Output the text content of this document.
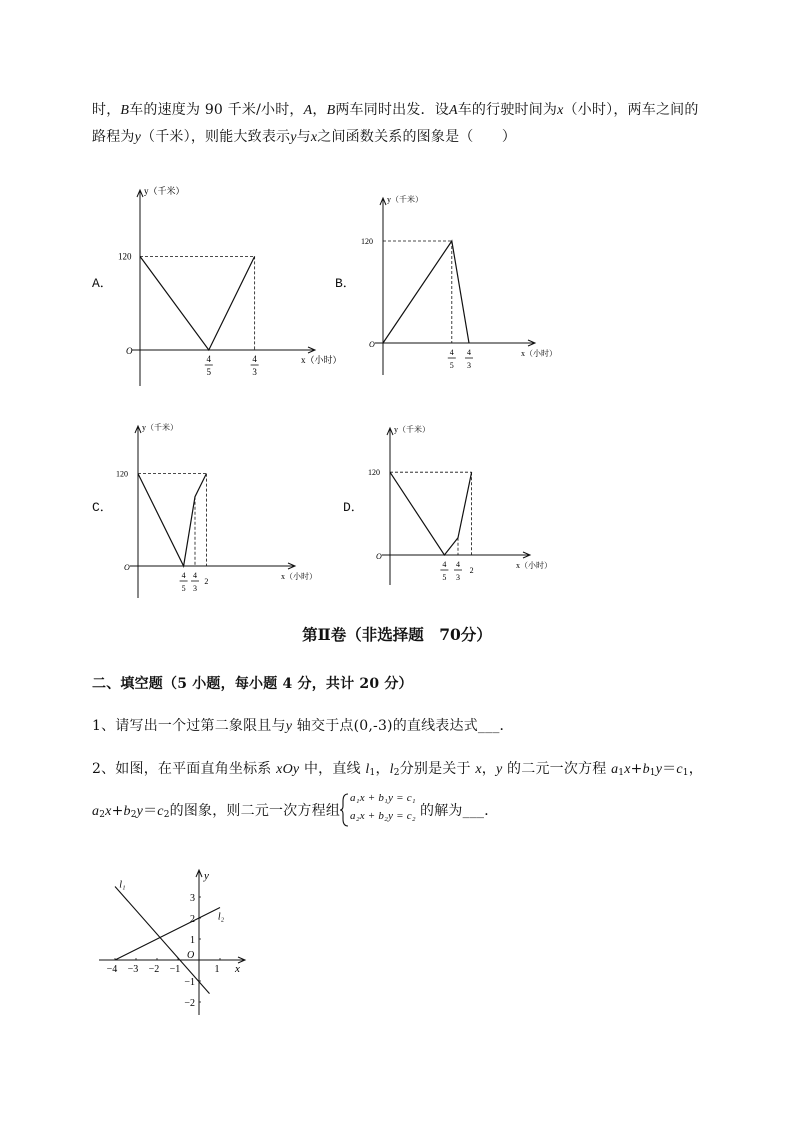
时，B车的速度为 90 千米/小时，A，B两车同时出发．设A车的行驶时间为x（小时），两车之间的
路程为y（千米），则能大致表示y与x之间函数关系的图象是（　　）
A．	B．
C．	D．
y（千米）
x（小时）
O
120
4
5
4
3
y（千米）
x（小时）
O
120
4
5
4
3
y（千米）
x（小时）
O
120
4
5
4
3
2
y（千米）
x（小时）
O
120
4
5
4
3
2
第Ⅱ卷（非选择题　70分）
二、填空题（5 小题，每小题 4 分，共计 20 分）
1、请写出一个过第二象限且与y 轴交于点(0,-3)的直线表达式___．
2、如图，在平面直角坐标系 xOy 中，直线 $l_1$，$l_2$分别是关于 x，y 的二元一次方程 $a_1x+b_1y=c_1$，
$a_2x+b_2y=c_2$的图象，则二元一次方程组
a₁x + b₁y = c₁
a₂x + b₂y = c₂ 的解为___．
x
y
O
−4 −3 −2 −1	1
3
2
1
−1
−2
l₁
l₂
